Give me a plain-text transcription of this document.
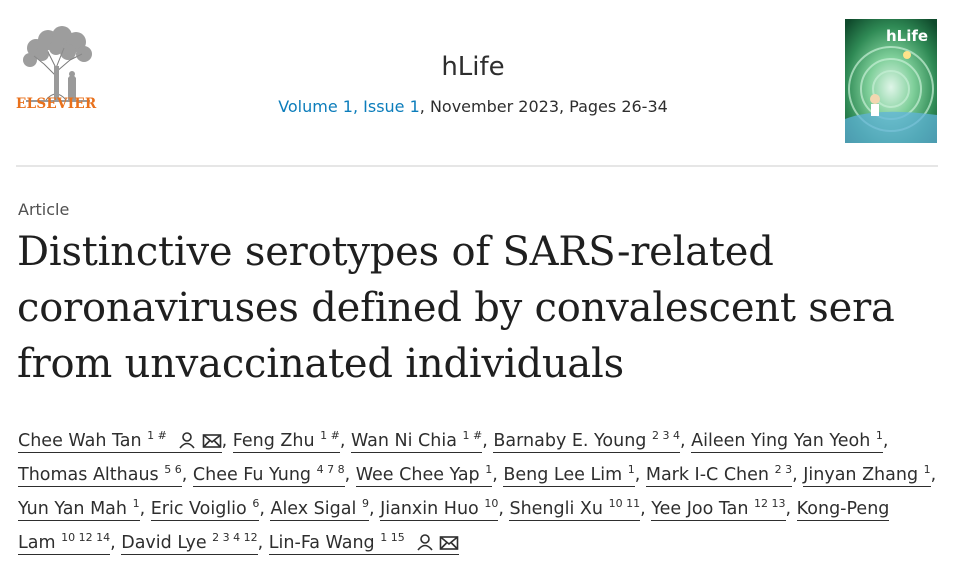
ELSEVIER
hLife
Volume 1, Issue 1, November 2023, Pages 26-34
hLife
Article
Distinctive serotypes of SARS-related coronaviruses defined by convalescent sera from unvaccinated individuals
Chee Wah Tan $^{1 \#}$	, Feng Zhu $^{1 \#}$, Wan Ni Chia $^{1 \#}$, Barnaby E. Young $^{2 3 4}$, Aileen Ying Yan Yeoh $^1$, Thomas Althaus $^{5 6}$, Chee Fu Yung $^{4 7 8}$, Wee Chee Yap $^1$, Beng Lee Lim $^1$, Mark I-C Chen $^{2 3}$, Jinyan Zhang $^1$, Yun Yan Mah $^1$, Eric Voiglio $^6$, Alex Sigal $^9$, Jianxin Huo $^{10}$, Shengli Xu $^{10 11}$, Yee Joo Tan $^{12 13}$, Kong-Peng Lam $^{10 12 14}$, David Lye $^{2 3 4 12}$, Lin-Fa Wang $^{1 15}$
